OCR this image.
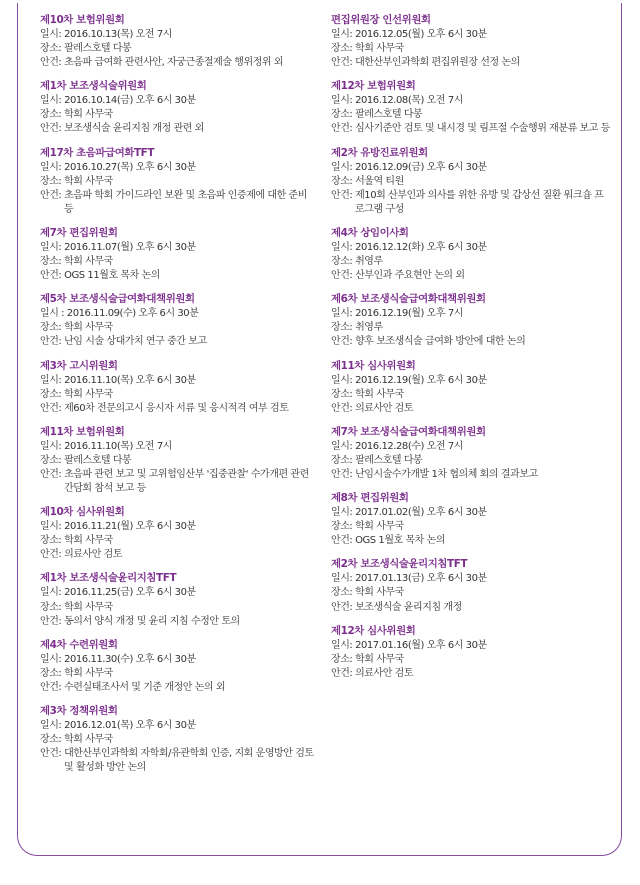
제10차 보험위원회
일시: 2016.10.13(목) 오전 7시
장소: 팔레스호텔 다봉
안건: 초음파 급여화 관련사안, 자궁근종절제술 행위정위 외
제1차 보조생식술위원회
일시: 2016.10.14(금) 오후 6시 30분
장소: 학회 사무국
안건: 보조생식술 윤리지침 개정 관련 외
제17차 초음파급여화TFT
일시: 2016.10.27(목) 오후 6시 30분
장소: 학회 사무국
안건: 초음파 학회 가이드라인 보완 및 초음파 인증제에 대한 준비 등
제7차 편집위원회
일시: 2016.11.07(월) 오후 6시 30분
장소: 학회 사무국
안건: OGS 11월호 목차 논의
제5차 보조생식술급여화대책위원회
일시 : 2016.11.09(수) 오후 6시 30분
장소: 학회 사무국
안건: 난임 시술 상대가치 연구 중간 보고
제3차 고시위원회
일시: 2016.11.10(목) 오후 6시 30분
장소: 학회 사무국
안건: 제60차 전문의고시 응시자 서류 및 응시적격 여부 검토
제11차 보험위원회
일시: 2016.11.10(목) 오전 7시
장소: 팔레스호텔 다봉
안건: 초음파 관련 보고 및 고위험임산부 '집중관찰' 수가개편 관련 간담회 참석 보고 등
제10차 심사위원회
일시: 2016.11.21(월) 오후 6시 30분
장소: 학회 사무국
안건: 의료사안 검토
제1차 보조생식술윤리지침TFT
일시: 2016.11.25(금) 오후 6시 30분
장소: 학회 사무국
안건: 동의서 양식 개정 및 윤리 지침 수정안 토의
제4차 수련위원회
일시: 2016.11.30(수) 오후 6시 30분
장소: 학회 사무국
안건: 수련실태조사서 및 기준 개정안 논의 외
제3차 정책위원회
일시: 2016.12.01(목) 오후 6시 30분
장소: 학회 사무국
안건: 대한산부인과학회 자학회/유관학회 인증, 지회 운영방안 검토 및 활성화 방안 논의
편집위원장 인선위원회
일시: 2016.12.05(월) 오후 6시 30분
장소: 학회 사무국
안건: 대한산부인과학회 편집위원장 선정 논의
제12차 보험위원회
일시: 2016.12.08(목) 오전 7시
장소: 팔레스호텔 다봉
안건: 심사기준안 검토 및 내시경 및 림프절 수술행위 재분류 보고 등
제2차 유방진료위원회
일시: 2016.12.09(금) 오후 6시 30분
장소: 서울역 티원
안건: 제10회 산부인과 의사를 위한 유방 및 갑상선 질환 워크숍 프로그램 구성
제4차 상임이사회
일시: 2016.12.12(화) 오후 6시 30분
장소: 취영루
안건: 산부인과 주요현안 논의 외
제6차 보조생식술급여화대책위원회
일시: 2016.12.19(월) 오후 7시
장소: 취영루
안건: 향후 보조생식술 급여화 방안에 대한 논의
제11차 심사위원회
일시: 2016.12.19(월) 오후 6시 30분
장소: 학회 사무국
안건: 의료사안 검토
제7차 보조생식술급여화대책위원회
일시: 2016.12.28(수) 오전 7시
장소: 팔레스호텔 다봉
안건: 난임시술수가개발 1차 협의체 회의 결과보고
제8차 편집위원회
일시: 2017.01.02(월) 오후 6시 30분
장소: 학회 사무국
안건: OGS 1월호 목차 논의
제2차 보조생식술윤리지침TFT
일시: 2017.01.13(금) 오후 6시 30분
장소: 학회 사무국
안건: 보조생식술 윤리지침 개정
제12차 심사위원회
일시: 2017.01.16(월) 오후 6시 30분
장소: 학회 사무국
안건: 의료사안 검토
